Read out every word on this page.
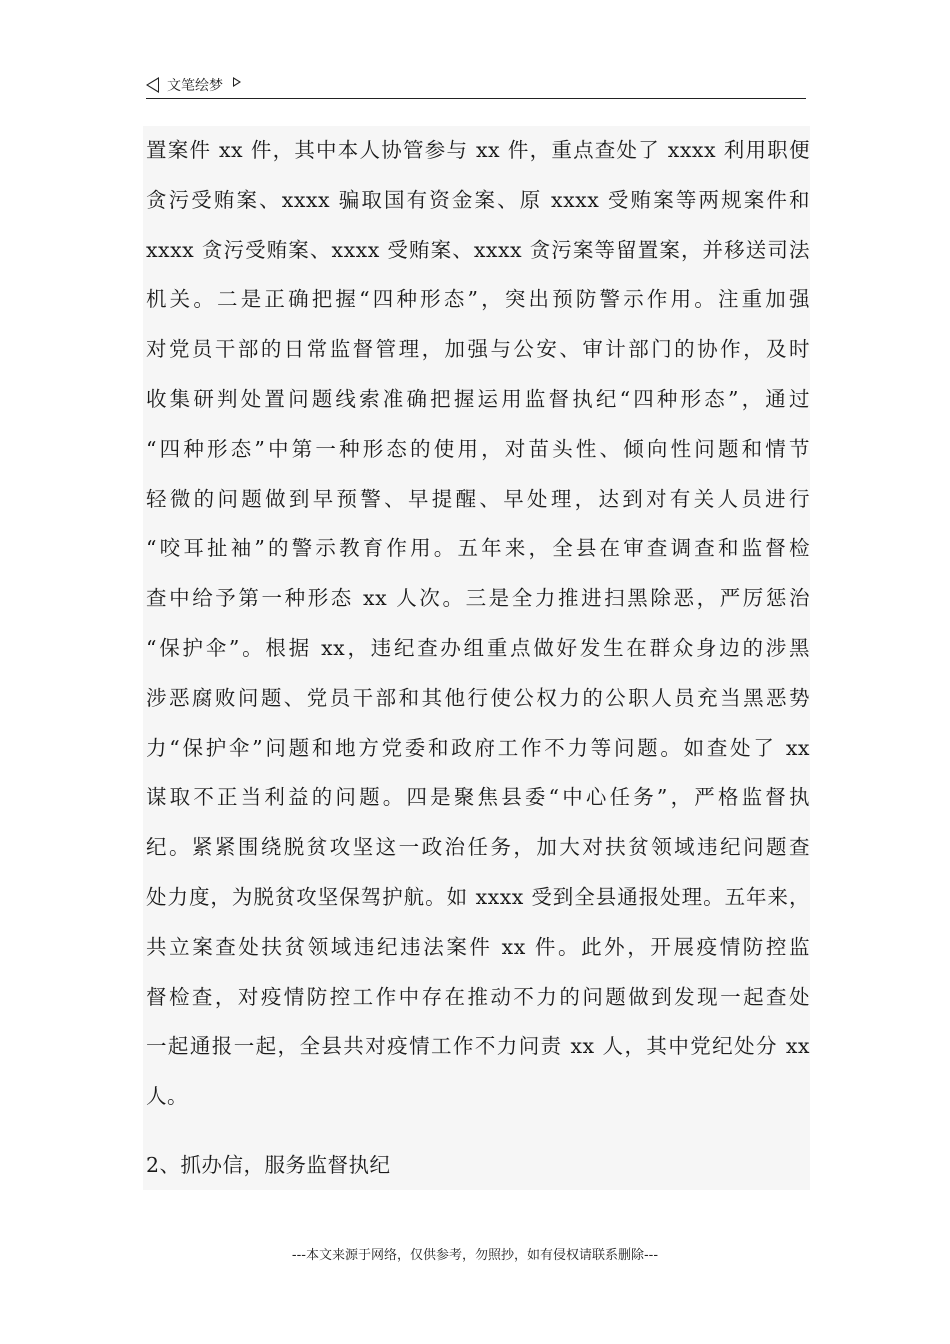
文笔绘梦
置案件 xx 件，其中本人协管参与 xx 件，重点查处了 xxxx 利用职便
贪污受贿案、xxxx 骗取国有资金案、原 xxxx 受贿案等两规案件和
xxxx 贪污受贿案、xxxx 受贿案、xxxx 贪污案等留置案，并移送司法
机关。二是正确把握“四种形态”，突出预防警示作用。注重加强
对党员干部的日常监督管理，加强与公安、审计部门的协作，及时
收集研判处置问题线索准确把握运用监督执纪“四种形态”，通过
“四种形态”中第一种形态的使用，对苗头性、倾向性问题和情节
轻微的问题做到早预警、早提醒、早处理，达到对有关人员进行
“咬耳扯袖”的警示教育作用。五年来，全县在审查调查和监督检
查中给予第一种形态 xx 人次。三是全力推进扫黑除恶，严厉惩治
“保护伞”。根据 xx，违纪查办组重点做好发生在群众身边的涉黑
涉恶腐败问题、党员干部和其他行使公权力的公职人员充当黑恶势
力“保护伞”问题和地方党委和政府工作不力等问题。如查处了 xx
谋取不正当利益的问题。四是聚焦县委“中心任务”，严格监督执
纪。紧紧围绕脱贫攻坚这一政治任务，加大对扶贫领域违纪问题查
处力度，为脱贫攻坚保驾护航。如 xxxx 受到全县通报处理。五年来，
共立案查处扶贫领域违纪违法案件 xx 件。此外，开展疫情防控监
督检查，对疫情防控工作中存在推动不力的问题做到发现一起查处
一起通报一起，全县共对疫情工作不力问责 xx 人，其中党纪处分 xx
人。
2、抓办信，服务监督执纪
---本文来源于网络，仅供参考，勿照抄，如有侵权请联系删除---
